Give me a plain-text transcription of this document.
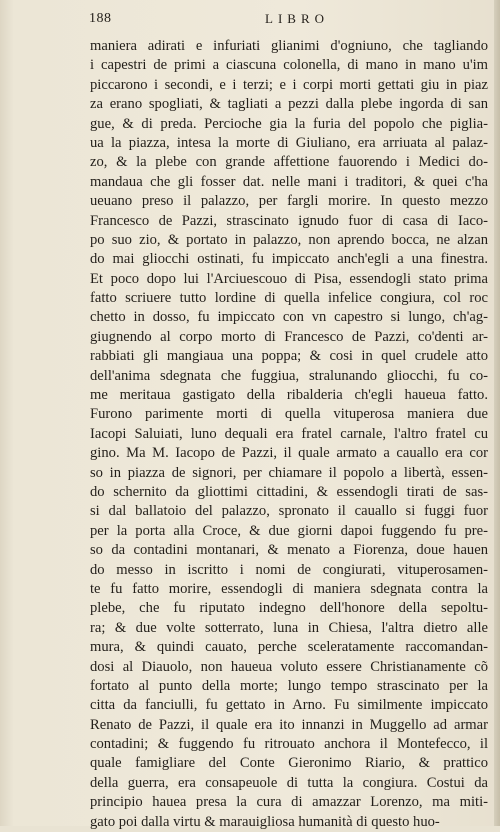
188	LIBRO
maniera adirati e infuriati glianimi d'ogniuno, che tagliando
i capestri de primi a ciascuna colonella, di mano in mano u'im
piccarono i secondi, e i terzi; e i corpi morti gettati giu in piaz
za erano spogliati, & tagliati a pezzi dalla plebe ingorda di san
gue, & di preda. Percioche gia la furia del popolo che piglia-
ua la piazza, intesa la morte di Giuliano, era arriuata al palaz-
zo, & la plebe con grande affettione fauorendo i Medici do-
mandaua che gli fosser dat. nelle mani i traditori, & quei c'ha
ueuano preso il palazzo, per fargli morire. In questo mezzo
Francesco de Pazzi, strascinato ignudo fuor di casa di Iaco-
po suo zio, & portato in palazzo, non aprendo bocca, ne alzan
do mai gliocchi ostinati, fu impiccato anch'egli a una finestra.
Et poco dopo lui l'Arciuescouo di Pisa, essendogli stato prima
fatto scriuere tutto lordine di quella infelice congiura, col roc
chetto in dosso, fu impiccato con vn capestro si lungo, ch'ag-
giugnendo al corpo morto di Francesco de Pazzi, co'denti ar-
rabbiati gli mangiaua una poppa; & cosi in quel crudele atto
dell'anima sdegnata che fuggiua, stralunando gliocchi, fu co-
me meritaua gastigato della ribalderia ch'egli haueua fatto.
Furono parimente morti di quella vituperosa maniera due
Iacopi Saluiati, luno dequali era fratel carnale, l'altro fratel cu
gino. Ma M. Iacopo de Pazzi, il quale armato a cauallo era cor
so in piazza de signori, per chiamare il popolo a libertà, essen-
do schernito da gliottimi cittadini, & essendogli tirati de sas-
si dal ballatoio del palazzo, spronato il cauallo si fuggi fuor
per la porta alla Croce, & due giorni dapoi fuggendo fu pre-
so da contadini montanari, & menato a Fiorenza, doue hauen
do messo in iscritto i nomi de congiurati, vituperosamen-
te fu fatto morire, essendogli di maniera sdegnata contra la
plebe, che fu riputato indegno dell'honore della sepoltu-
ra; & due volte sotterrato, luna in Chiesa, l'altra dietro alle
mura, & quindi cauato, perche sceleratamente raccomandan-
dosi al Diauolo, non haueua voluto essere Christianamente cõ
fortato al punto della morte; lungo tempo strascinato per la
citta da fanciulli, fu gettato in Arno. Fu similmente impiccato
Renato de Pazzi, il quale era ito innanzi in Muggello ad armar
contadini; & fuggendo fu ritrouato anchora il Montefecco, il
quale famigliare del Conte Gieronimo Riario, & prattico
della guerra, era consapeuole di tutta la congiura. Costui da
principio hauea presa la cura di amazzar Lorenzo, ma miti-
gato poi dalla virtu & marauigliosa humanità di questo huo-
